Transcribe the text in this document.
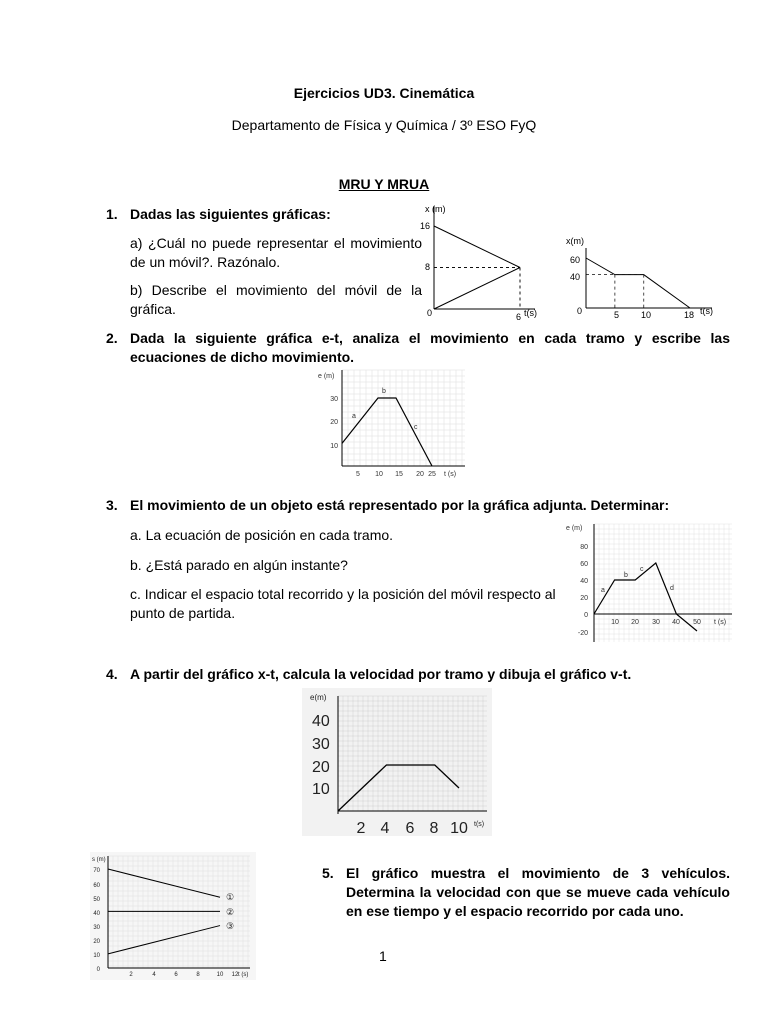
Ejercicios UD3. Cinemática
Departamento de Física y Química / 3º ESO FyQ
MRU Y MRUA
1. Dadas las siguientes gráficas:
a) ¿Cuál no puede representar el movimiento de un móvil?. Razónalo.
b) Describe el movimiento del móvil de la gráfica.
x (m)
16
8
0	6 t(s)
x(m)
60
40
0	5 10	18 t(s)
2. Dada la siguiente gráfica e-t, analiza el movimiento en cada tramo y escribe las ecuaciones de dicho movimiento.
e (m)
30
20
10
5 10 15 20 25 t (s)
a
b
c
3. El movimiento de un objeto está representado por la gráfica adjunta. Determinar:
a. La ecuación de posición en cada tramo.
b. ¿Está parado en algún instante?
c. Indicar el espacio total recorrido y la posición del móvil respecto al punto de partida.
e (m)
80
60
40
20
0
-20
10 20 30 40 50 t (s)
a
b
c
d
4. A partir del gráfico x-t, calcula la velocidad por tramo y dibuja el gráfico v-t.
e(m)
40
30
20
10
2 4 6 8 10 t(s)
s (m)
70
60
50
40
30
20
10
0
2	4	6	8	10 12 t (s)
①
②
③
5. El gráfico muestra el movimiento de 3 vehículos. Determina la velocidad con que se mueve cada vehículo en ese tiempo y el espacio recorrido por cada uno.
1
